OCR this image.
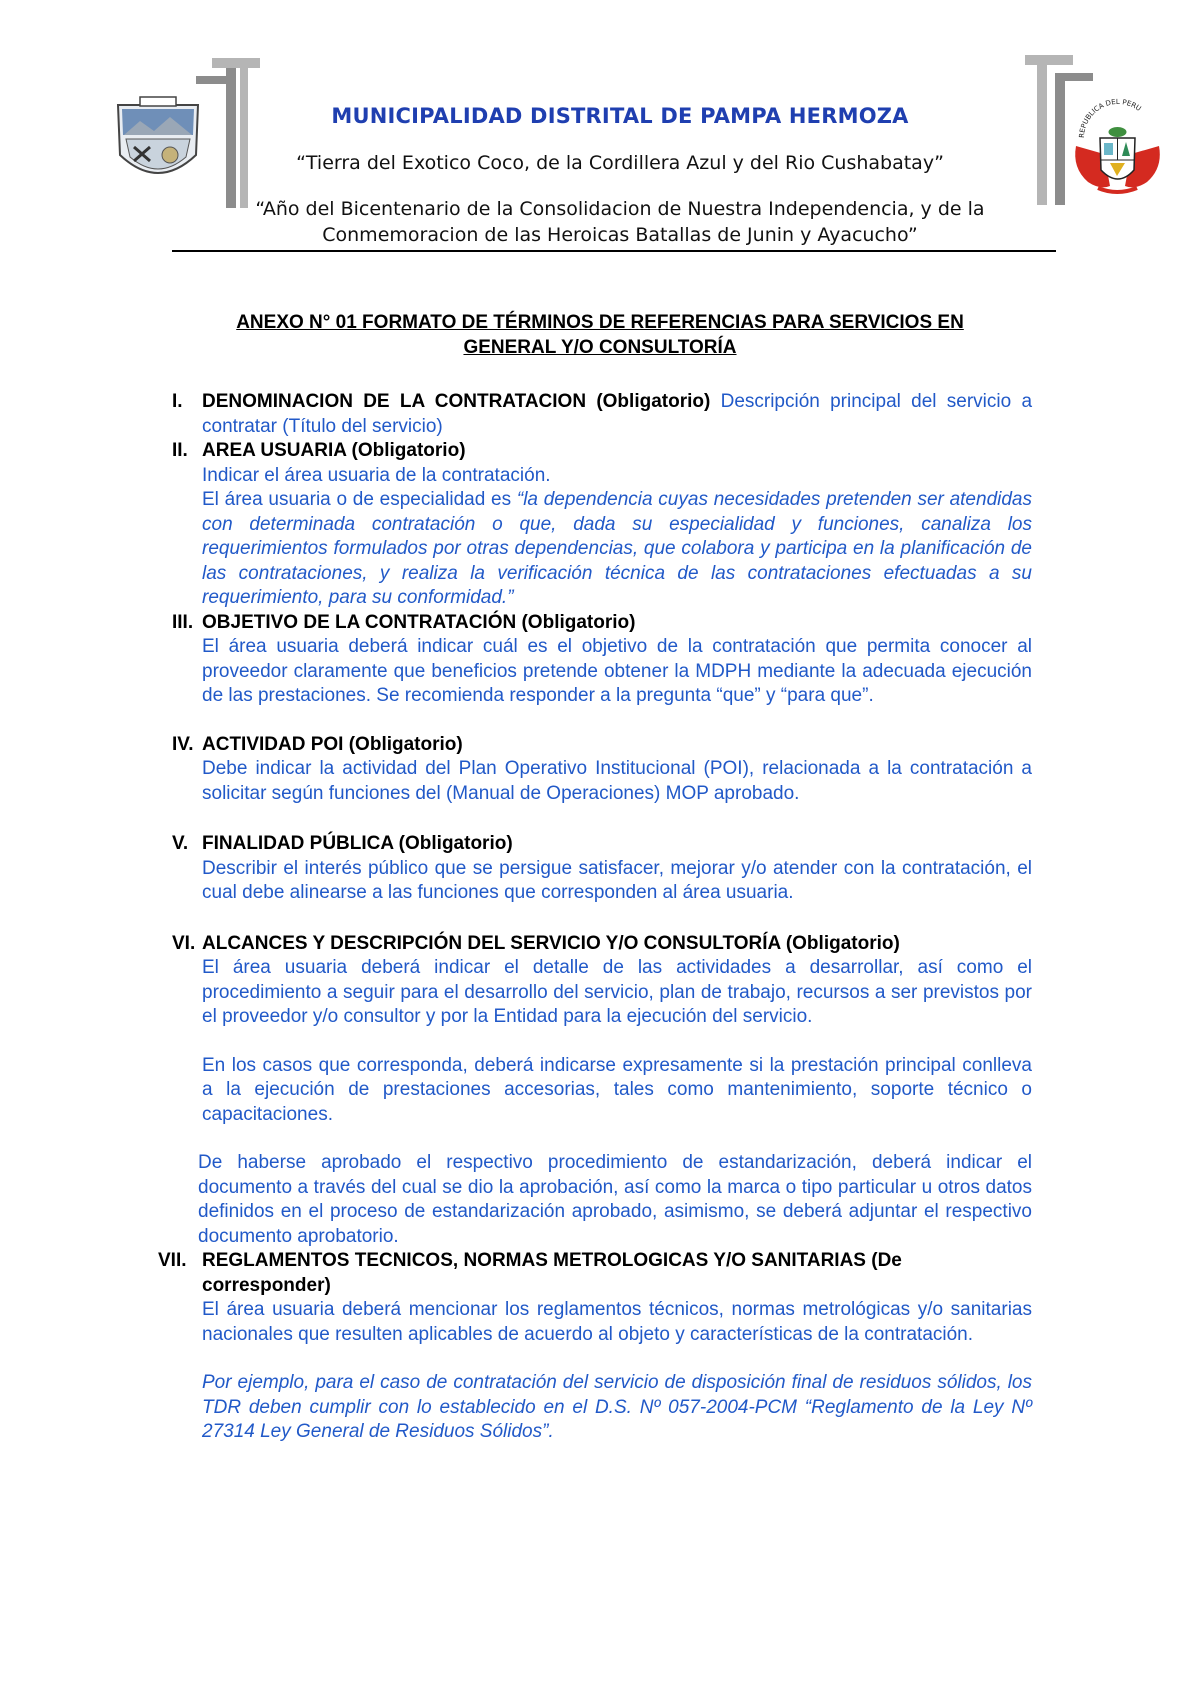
MUNICIPALIDAD DISTRITAL DE PAMPA HERMOZA
“Tierra del Exotico Coco, de la Cordillera Azul y del Rio Cushabatay”
“Año del Bicentenario de la Consolidacion de Nuestra Independencia, y de la
Conmemoracion de las Heroicas Batallas de Junin y Ayacucho”
REPUBLICA DEL PERU
ANEXO N° 01 FORMATO DE TÉRMINOS DE REFERENCIAS PARA SERVICIOS EN
GENERAL Y/O CONSULTORÍA
I. DENOMINACION DE LA CONTRATACION (Obligatorio) Descripción principal del servicio a contratar (Título del servicio)
II. AREA USUARIA (Obligatorio)
Indicar el área usuaria de la contratación.
El área usuaria o de especialidad es “la dependencia cuyas necesidades pretenden ser atendidas con determinada contratación o que, dada su especialidad y funciones, canaliza los requerimientos formulados por otras dependencias, que colabora y participa en la planificación de las contrataciones, y realiza la verificación técnica de las contrataciones efectuadas a su requerimiento, para su conformidad.”
III. OBJETIVO DE LA CONTRATACIÓN (Obligatorio)
El área usuaria deberá indicar cuál es el objetivo de la contratación que permita conocer al proveedor claramente que beneficios pretende obtener la MDPH mediante la adecuada ejecución de las prestaciones. Se recomienda responder a la pregunta “que” y “para que”.
IV. ACTIVIDAD POI (Obligatorio)
Debe indicar la actividad del Plan Operativo Institucional (POI), relacionada a la contratación a solicitar según funciones del (Manual de Operaciones) MOP aprobado.
V. FINALIDAD PÚBLICA (Obligatorio)
Describir el interés público que se persigue satisfacer, mejorar y/o atender con la contratación, el cual debe alinearse a las funciones que corresponden al área usuaria.
VI. ALCANCES Y DESCRIPCIÓN DEL SERVICIO Y/O CONSULTORÍA (Obligatorio)
El área usuaria deberá indicar el detalle de las actividades a desarrollar, así como el procedimiento a seguir para el desarrollo del servicio, plan de trabajo, recursos a ser previstos por el proveedor y/o consultor y por la Entidad para la ejecución del servicio.
En los casos que corresponda, deberá indicarse expresamente si la prestación principal conlleva a la ejecución de prestaciones accesorias, tales como mantenimiento, soporte técnico o capacitaciones.
De haberse aprobado el respectivo procedimiento de estandarización, deberá indicar el documento a través del cual se dio la aprobación, así como la marca o tipo particular u otros datos definidos en el proceso de estandarización aprobado, asimismo, se deberá adjuntar el respectivo documento aprobatorio.
VII. REGLAMENTOS TECNICOS, NORMAS METROLOGICAS Y/O SANITARIAS (De corresponder)
El área usuaria deberá mencionar los reglamentos técnicos, normas metrológicas y/o sanitarias nacionales que resulten aplicables de acuerdo al objeto y características de la contratación.
Por ejemplo, para el caso de contratación del servicio de disposición final de residuos sólidos, los TDR deben cumplir con lo establecido en el D.S. Nº 057-2004-PCM “Reglamento de la Ley Nº 27314 Ley General de Residuos Sólidos”.
